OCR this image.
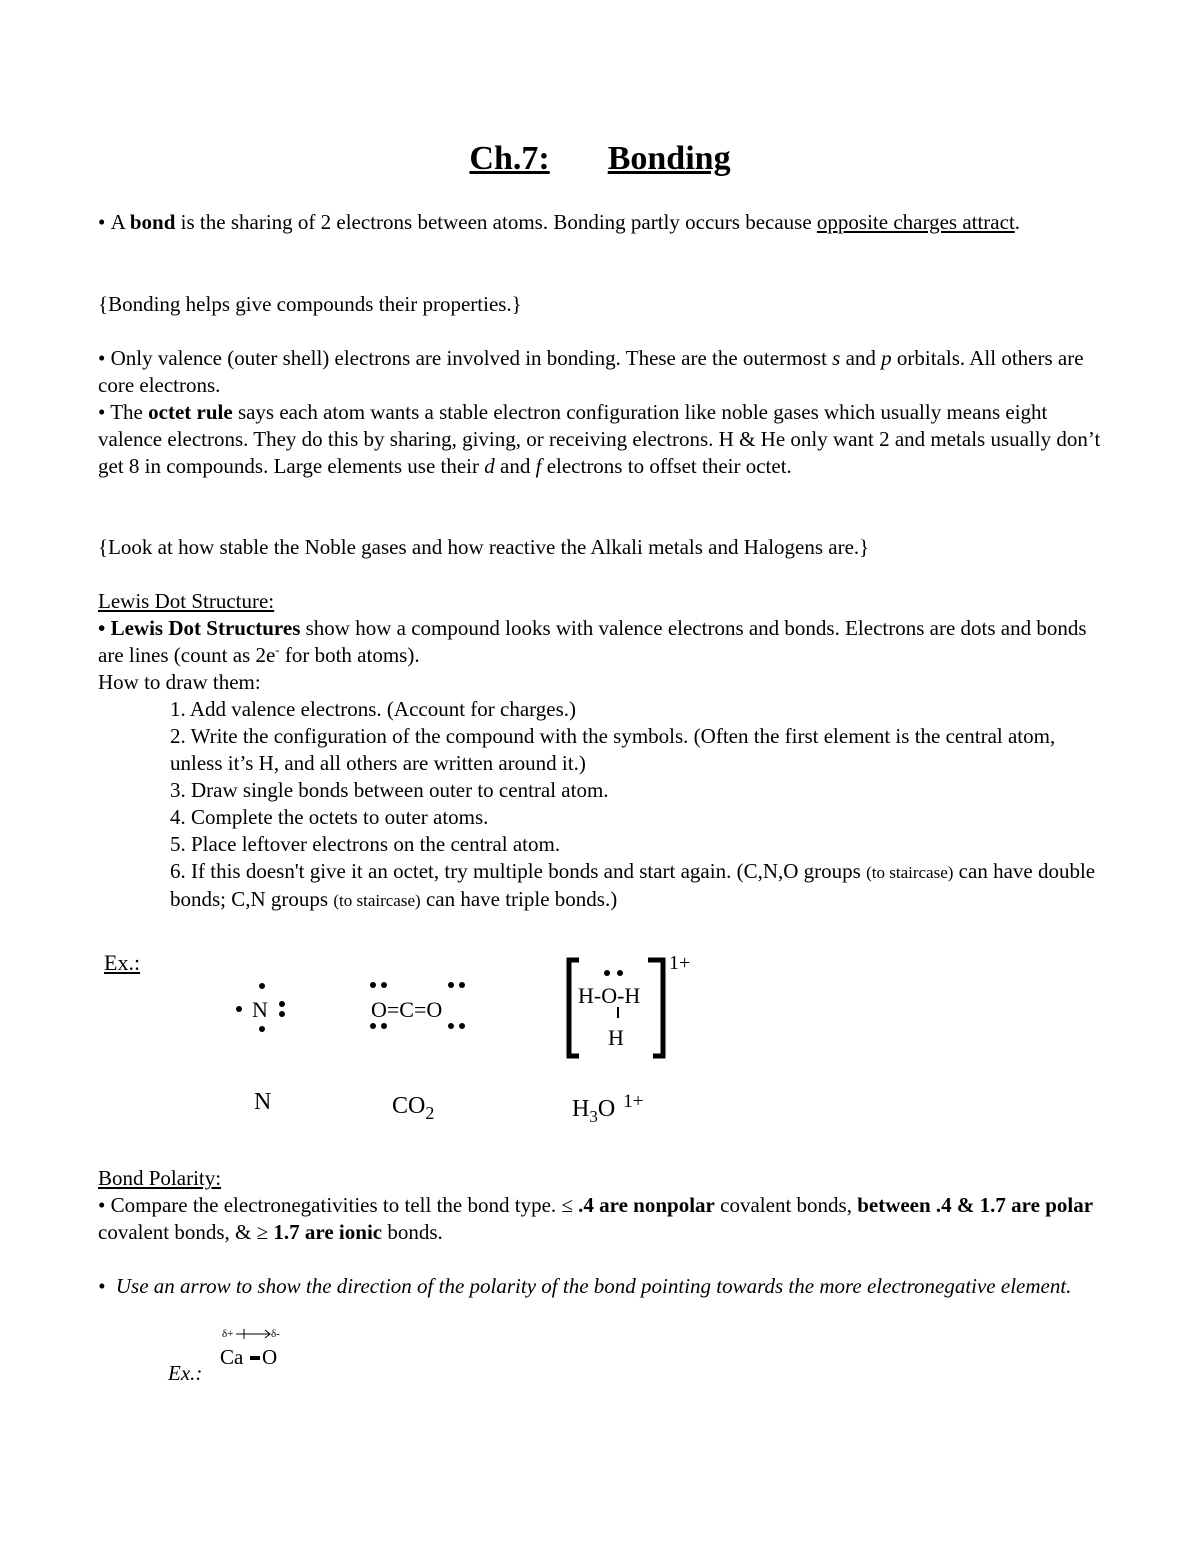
Ch.7: Bonding
• A bond is the sharing of 2 electrons between atoms. Bonding partly occurs because opposite charges attract.
{Bonding helps give compounds their properties.}
• Only valence (outer shell) electrons are involved in bonding. These are the outermost s and p orbitals. All others are core electrons.
• The octet rule says each atom wants a stable electron configuration like noble gases which usually means eight valence electrons. They do this by sharing, giving, or receiving electrons. H & He only want 2 and metals usually don’t get 8 in compounds. Large elements use their d and f electrons to offset their octet.
{Look at how stable the Noble gases and how reactive the Alkali metals and Halogens are.}
Lewis Dot Structure:
• Lewis Dot Structures show how a compound looks with valence electrons and bonds. Electrons are dots and bonds are lines (count as 2e- for both atoms).
How to draw them:
1. Add valence electrons. (Account for charges.)
2. Write the configuration of the compound with the symbols. (Often the first element is the central atom, unless it’s H, and all others are written around it.)
3. Draw single bonds between outer to central atom.
4. Complete the octets to outer atoms.
5. Place leftover electrons on the central atom.
6. If this doesn't give it an octet, try multiple bonds and start again. (C,N,O groups (to staircase) can have double bonds; C,N groups (to staircase) can have triple bonds.)
Ex.:
N	O=C=O
H-O-H
H
1+
N	$CO_2$	$H_3O$ $^{1+}$
Bond Polarity:
• Compare the electronegativities to tell the bond type. ≤ .4 are nonpolar covalent bonds, between .4 & 1.7 are polar covalent bonds, & ≥ 1.7 are ionic bonds.
• Use an arrow to show the direction of the polarity of the bond pointing towards the more electronegative element.
Ex.:
δ+	δ-
Ca O
